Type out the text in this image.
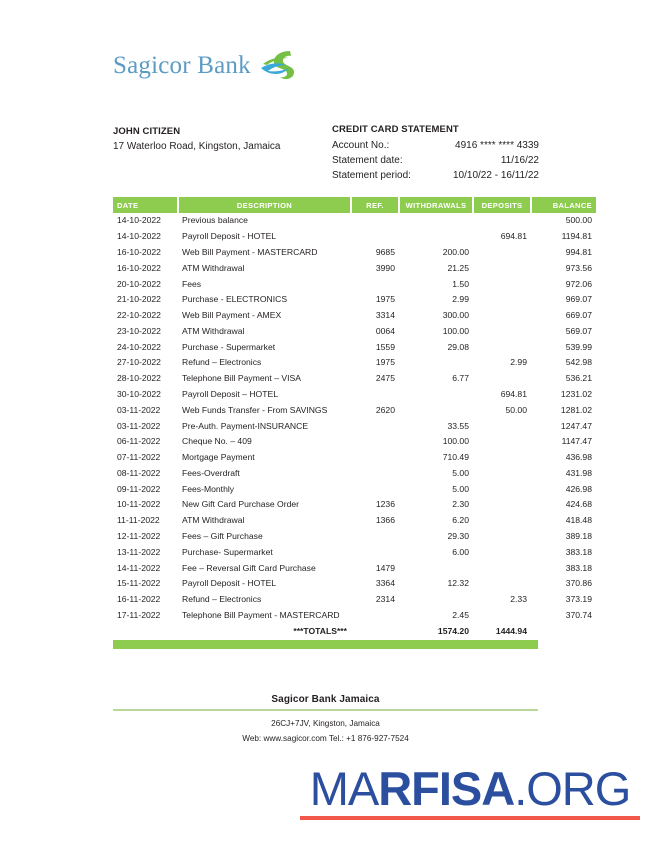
Sagicor Bank
JOHN CITIZEN
17 Waterloo Road, Kingston, Jamaica
CREDIT CARD STATEMENT
Account No.:	4916 **** **** 4339
Statement date:	11/16/22
Statement period:	10/10/22 - 16/11/22
DATE	DESCRIPTION	REF.	WITHDRAWALS	DEPOSITS	BALANCE
14-10-2022	Previous balance				500.00
14-10-2022	Payroll Deposit - HOTEL			694.81	1194.81
16-10-2022	Web Bill Payment - MASTERCARD	9685	200.00		994.81
16-10-2022	ATM Withdrawal	3990	21.25		973.56
20-10-2022	Fees		1.50		972.06
21-10-2022	Purchase - ELECTRONICS	1975	2.99		969.07
22-10-2022	Web Bill Payment - AMEX	3314	300.00		669.07
23-10-2022	ATM Withdrawal	0064	100.00		569.07
24-10-2022	Purchase - Supermarket	1559	29.08		539.99
27-10-2022	Refund – Electronics	1975		2.99	542.98
28-10-2022	Telephone Bill Payment – VISA	2475	6.77		536.21
30-10-2022	Payroll Deposit – HOTEL			694.81	1231.02
03-11-2022	Web Funds Transfer - From SAVINGS	2620		50.00	1281.02
03-11-2022	Pre-Auth. Payment-INSURANCE		33.55		1247.47
06-11-2022	Cheque No. – 409		100.00		1147.47
07-11-2022	Mortgage Payment		710.49		436.98
08-11-2022	Fees-Overdraft		5.00		431.98
09-11-2022	Fees-Monthly		5.00		426.98
10-11-2022	New Gift Card Purchase Order	1236	2.30		424.68
11-11-2022	ATM Withdrawal	1366	6.20		418.48
12-11-2022	Fees – Gift Purchase		29.30		389.18
13-11-2022	Purchase- Supermarket		6.00		383.18
14-11-2022	Fee – Reversal Gift Card Purchase	1479			383.18
15-11-2022	Payroll Deposit - HOTEL	3364	12.32		370.86
16-11-2022	Refund – Electronics	2314		2.33	373.19
17-11-2022	Telephone Bill Payment - MASTERCARD		2.45		370.74
	***TOTALS***		1574.20	1444.94	
Sagicor Bank Jamaica
26CJ+7JV, Kingston, Jamaica
Web: www.sagicor.com Tel.: +1 876-927-7524
MARFISA.ORG
